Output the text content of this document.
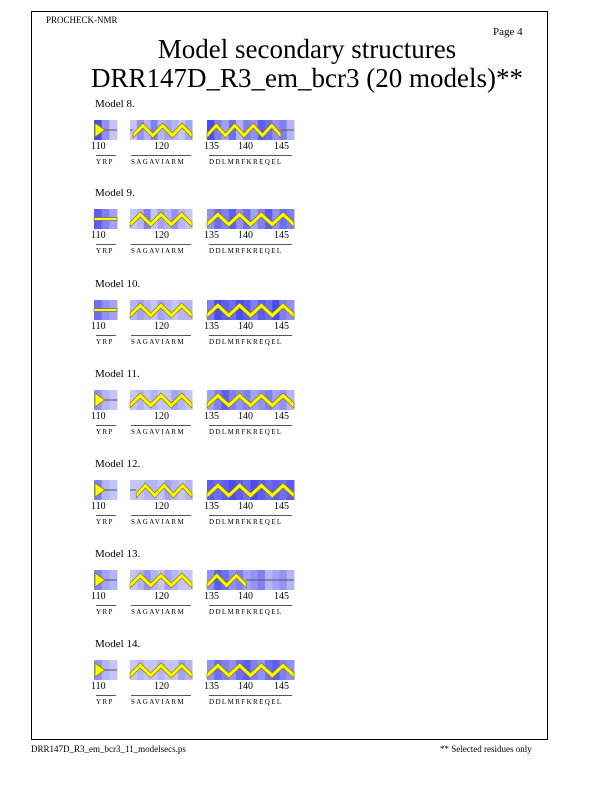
PROCHECK-NMR
Page 4
Model secondary structures
DRR147D_R3_em_bcr3 (20 models)**
Model 8.
110
YRP
120
SAGAVIARM
135 140 145
DDLMRFKREQEL
Model 9.
110
YRP
120
SAGAVIARM
135 140 145
DDLMRFKREQEL
Model 10.
110
YRP
120
SAGAVIARM
135 140 145
DDLMRFKREQEL
Model 11.
110
YRP
120
SAGAVIARM
135 140 145
DDLMRFKREQEL
Model 12.
110
YRP
120
SAGAVIARM
135 140 145
DDLMRFKREQEL
Model 13.
110
YRP
120
SAGAVIARM
135 140 145
DDLMRFKREQEL
Model 14.
110
YRP
120
SAGAVIARM
135 140 145
DDLMRFKREQEL
DRR147D_R3_em_bcr3_11_modelsecs.ps	** Selected residues only
